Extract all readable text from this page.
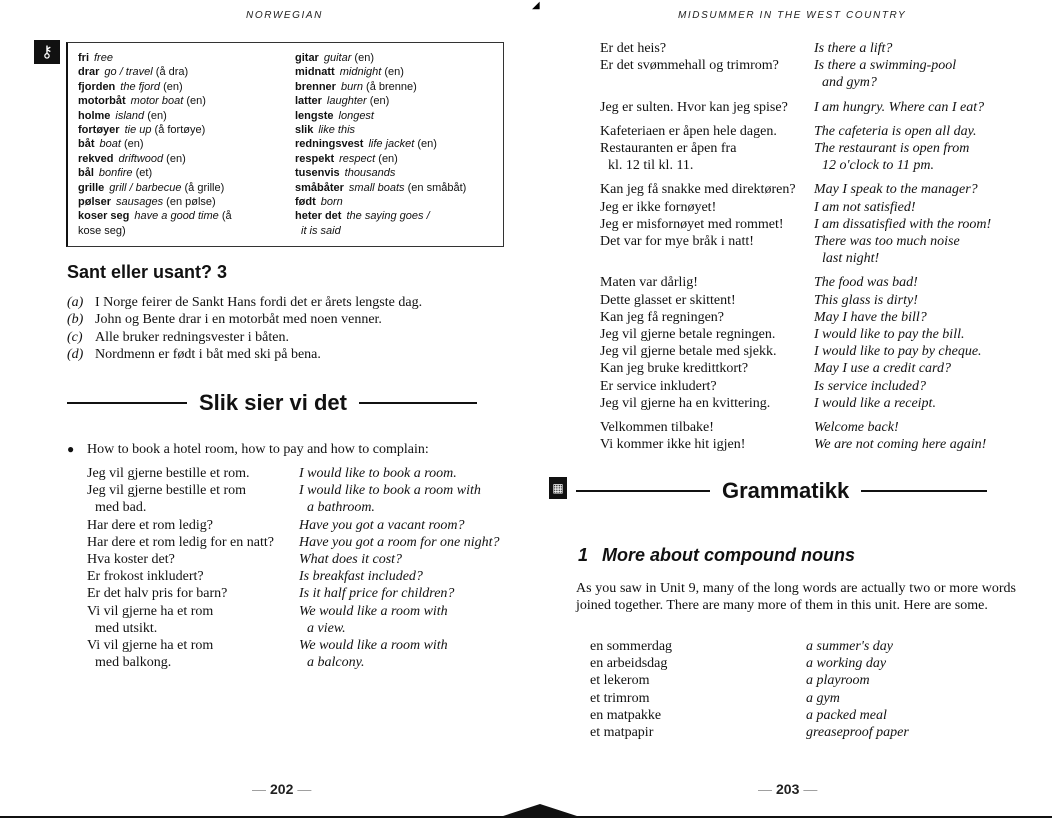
◢
NORWEGIAN
⚷	fri free
drar go / travel (å dra)
fjorden the fjord (en)
motorbåt motor boat (en)
holme island (en)
fortøyer tie up (å fortøye)
båt boat (en)
rekved driftwood (en)
bål bonfire (et)
grille grill / barbecue (å grille)
pølser sausages (en pølse)
koser seg have a good time (å
kose seg)
gitar guitar (en)
midnatt midnight (en)
brenner burn (å brenne)
latter laughter (en)
lengste longest
slik like this
redningsvest life jacket (en)
respekt respect (en)
tusenvis thousands
småbåter small boats (en småbåt)
født born
heter det the saying goes /
it is said
Sant eller usant? 3
(a) I Norge feirer de Sankt Hans fordi det er årets lengste dag.
(b) John og Bente drar i en motorbåt med noen venner.
(c) Alle bruker redningsvester i båten.
(d) Nordmenn er født i båt med ski på bena.
Slik sier vi det
● How to book a hotel room, how to pay and how to complain:
Jeg vil gjerne bestille et rom.	I would like to book a room.
Jeg vil gjerne bestille et rom
med bad.
I would like to book a room with
a bathroom.
Har dere et rom ledig?	Have you got a vacant room?
Har dere et rom ledig for en natt?	Have you got a room for one night?
Hva koster det?	What does it cost?
Er frokost inkludert?	Is breakfast included?
Er det halv pris for barn?	Is it half price for children?
Vi vil gjerne ha et rom
med utsikt.
We would like a room with
a view.
Vi vil gjerne ha et rom
med balkong.
We would like a room with
a balcony.
— 202 —
MIDSUMMER IN THE WEST COUNTRY
Er det heis?	Is there a lift?
Er det svømmehall og trimrom?	Is there a swimming-pool
and gym?
Jeg er sulten. Hvor kan jeg spise?	I am hungry. Where can I eat?
Kafeteriaen er åpen hele dagen.	The cafeteria is open all day.
Restauranten er åpen fra
kl. 12 til kl. 11.
The restaurant is open from
12 o'clock to 11 pm.
Kan jeg få snakke med direktøren?	May I speak to the manager?
Jeg er ikke fornøyet!	I am not satisfied!
Jeg er misfornøyet med rommet!	I am dissatisfied with the room!
Det var for mye bråk i natt!	There was too much noise
last night!
Maten var dårlig!	The food was bad!
Dette glasset er skittent!	This glass is dirty!
Kan jeg få regningen?	May I have the bill?
Jeg vil gjerne betale regningen.	I would like to pay the bill.
Jeg vil gjerne betale med sjekk.	I would like to pay by cheque.
Kan jeg bruke kredittkort?	May I use a credit card?
Er service inkludert?	Is service included?
Jeg vil gjerne ha en kvittering.	I would like a receipt.
Velkommen tilbake!	Welcome back!
Vi kommer ikke hit igjen!	We are not coming here again!
▦	Grammatikk
1 More about compound nouns
As you saw in Unit 9, many of the long words are actually two or more words joined together. There are many more of them in this unit. Here are some.
en sommerdag	a summer's day
en arbeidsdag	a working day
et lekerom	a playroom
et trimrom	a gym
en matpakke	a packed meal
et matpapir	greaseproof paper
— 203 —
